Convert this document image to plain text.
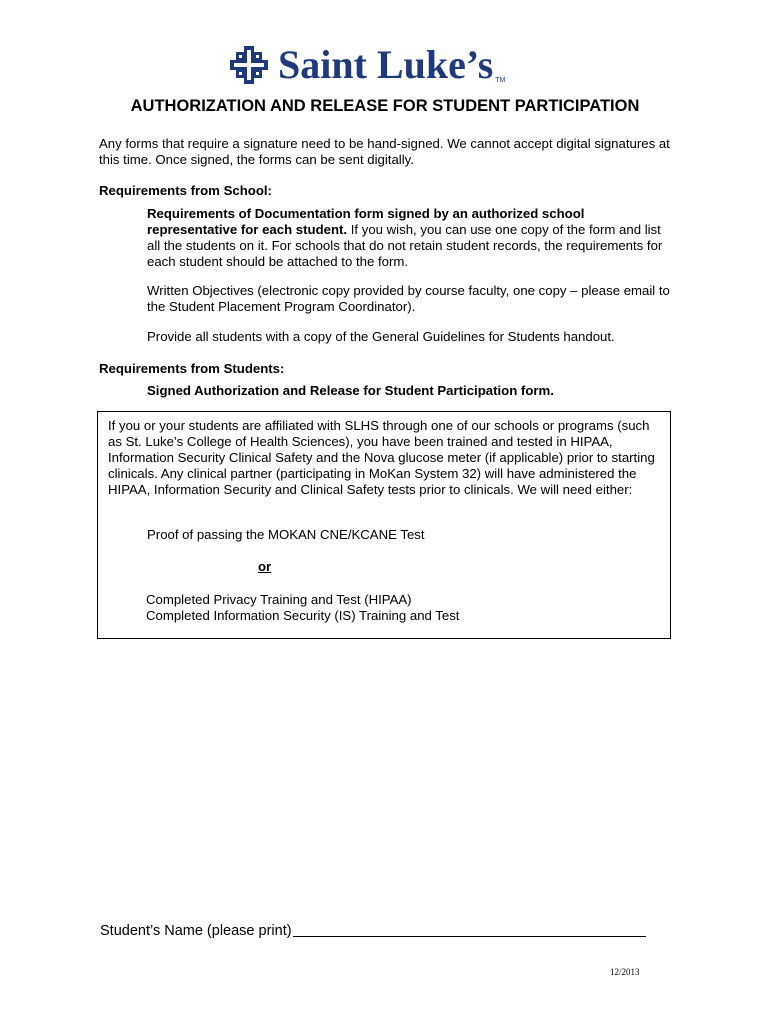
Saint Luke’s TM
AUTHORIZATION AND RELEASE FOR STUDENT PARTICIPATION

Any forms that require a signature need to be hand-signed. We cannot accept digital signatures at this time. Once signed, the forms can be sent digitally.

Requirements from School:

Requirements of Documentation form signed by an authorized school representative for each student. If you wish, you can use one copy of the form and list all the students on it. For schools that do not retain student records, the requirements for each student should be attached to the form.

Written Objectives (electronic copy provided by course faculty, one copy – please email to the Student Placement Program Coordinator).

Provide all students with a copy of the General Guidelines for Students handout.

Requirements from Students:

Signed Authorization and Release for Student Participation form.

If you or your students are affiliated with SLHS through one of our schools or programs (such as St. Luke’s College of Health Sciences), you have been trained and tested in HIPAA, Information Security Clinical Safety and the Nova glucose meter (if applicable) prior to starting clinicals. Any clinical partner (participating in MoKan System 32) will have administered the HIPAA, Information Security and Clinical Safety tests prior to clinicals. We will need either:

Proof of passing the MOKAN CNE/KCANE Test

or

Completed Privacy Training and Test (HIPAA)

Completed Information Security (IS) Training and Test

Student’s Name (please print)
12/2013
